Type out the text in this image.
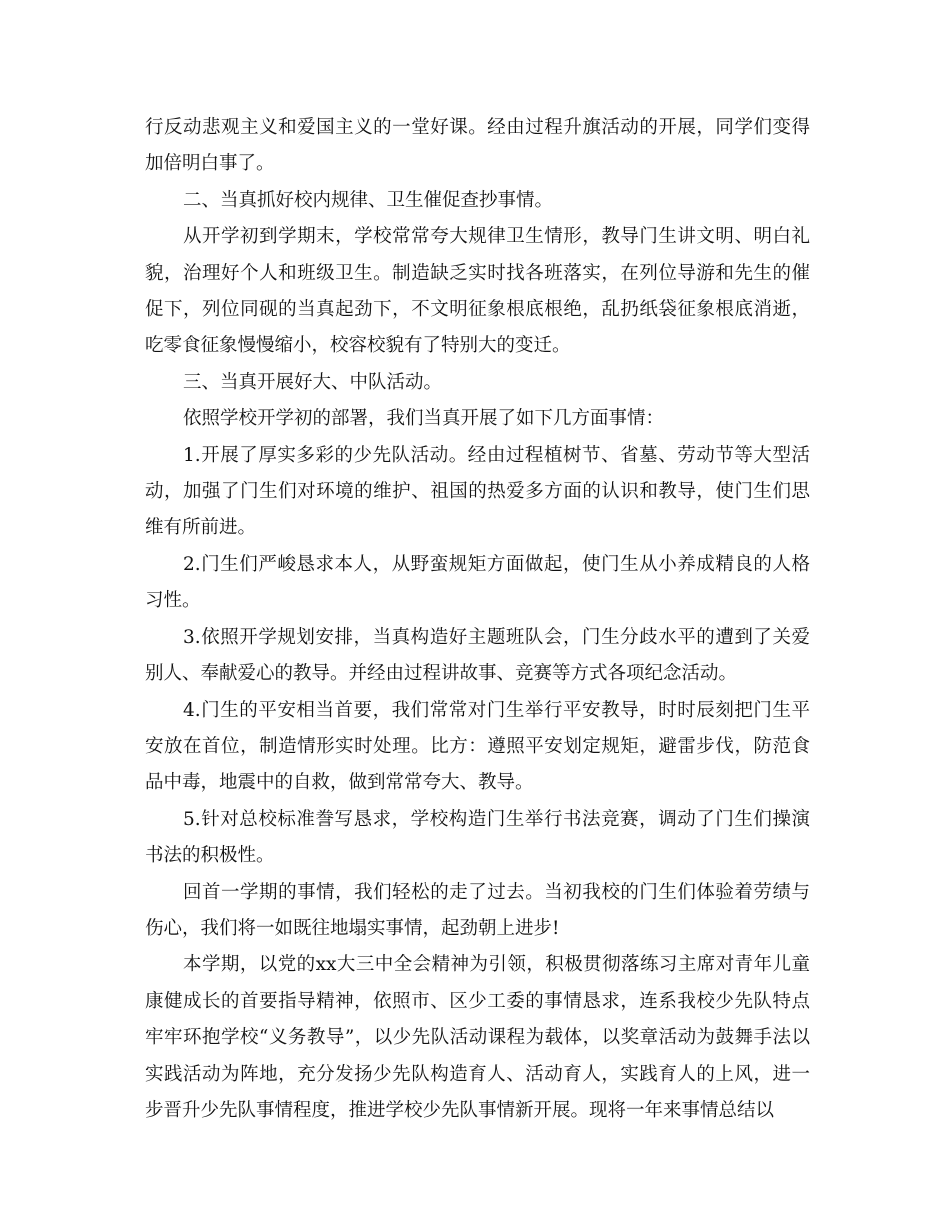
行反动悲观主义和爱国主义的一堂好课。经由过程升旗活动的开展，同学们变得加倍明白事了。

二、当真抓好校内规律、卫生催促查抄事情。

从开学初到学期末，学校常常夸大规律卫生情形，教导门生讲文明、明白礼貌，治理好个人和班级卫生。制造缺乏实时找各班落实，在列位导游和先生的催促下，列位同砚的当真起劲下，不文明征象根底根绝，乱扔纸袋征象根底消逝，吃零食征象慢慢缩小，校容校貌有了特别大的变迁。

三、当真开展好大、中队活动。

依照学校开学初的部署，我们当真开展了如下几方面事情：

1.开展了厚实多彩的少先队活动。经由过程植树节、省墓、劳动节等大型活动，加强了门生们对环境的维护、祖国的热爱多方面的认识和教导，使门生们思维有所前进。

2.门生们严峻恳求本人，从野蛮规矩方面做起，使门生从小养成精良的人格习性。

3.依照开学规划安排，当真构造好主题班队会，门生分歧水平的遭到了关爱别人、奉献爱心的教导。并经由过程讲故事、竞赛等方式各项纪念活动。

4.门生的平安相当首要，我们常常对门生举行平安教导，时时辰刻把门生平安放在首位，制造情形实时处理。比方：遵照平安划定规矩，避雷步伐，防范食品中毒，地震中的自救，做到常常夸大、教导。

5.针对总校标准誊写恳求，学校构造门生举行书法竞赛，调动了门生们操演书法的积极性。

回首一学期的事情，我们轻松的走了过去。当初我校的门生们体验着劳绩与伤心，我们将一如既往地塌实事情，起劲朝上进步!

本学期，以党的xx大三中全会精神为引领，积极贯彻落练习主席对青年儿童康健成长的首要指导精神，依照市、区少工委的事情恳求，连系我校少先队特点牢牢环抱学校“义务教导”，以少先队活动课程为载体，以奖章活动为鼓舞手法以实践活动为阵地，充分发扬少先队构造育人、活动育人，实践育人的上风，进一步晋升少先队事情程度，推进学校少先队事情新开展。现将一年来事情总结以
